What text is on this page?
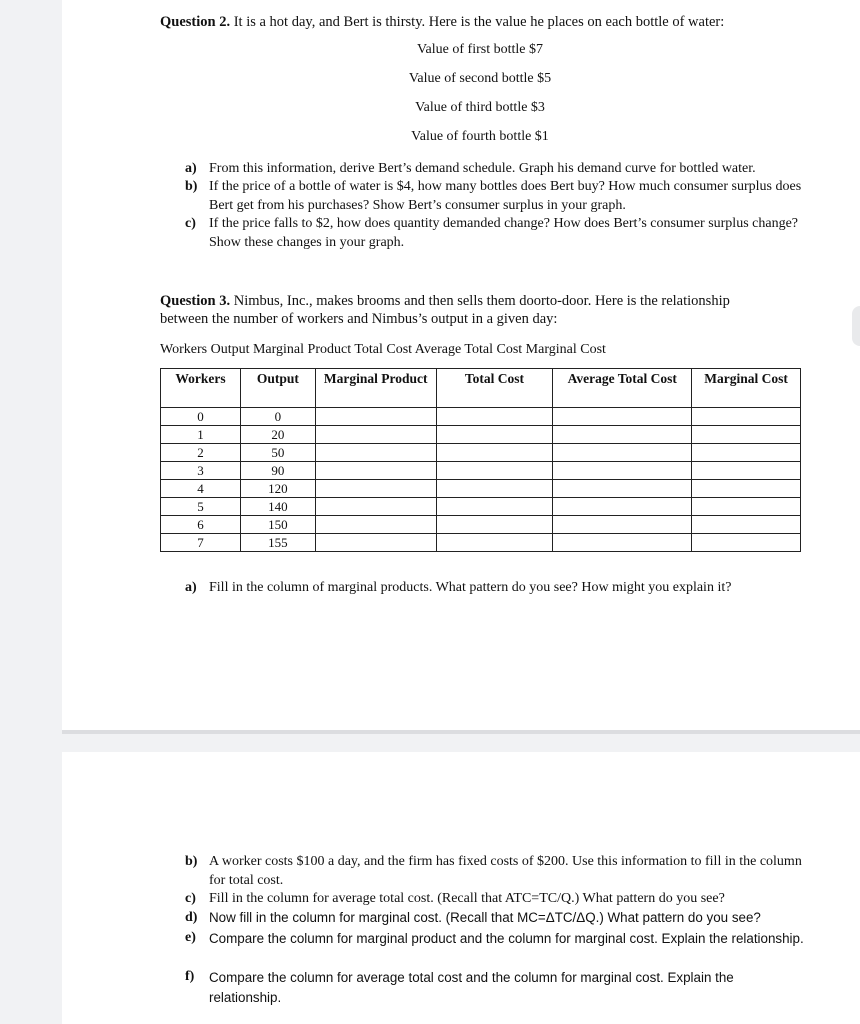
Question 2. It is a hot day, and Bert is thirsty. Here is the value he places on each bottle of water:
Value of first bottle $7
Value of second bottle $5
Value of third bottle $3
Value of fourth bottle $1
a) From this information, derive Bert’s demand schedule. Graph his demand curve for bottled water.
b) If the price of a bottle of water is $4, how many bottles does Bert buy? How much consumer surplus does Bert get from his purchases? Show Bert’s consumer surplus in your graph.
c) If the price falls to $2, how does quantity demanded change? How does Bert’s consumer surplus change? Show these changes in your graph.
Question 3. Nimbus, Inc., makes brooms and then sells them doorto-door. Here is the relationship between the number of workers and Nimbus’s output in a given day:
Workers Output Marginal Product Total Cost Average Total Cost Marginal Cost
Workers	Output	Marginal Product	Total Cost	Average Total Cost	Marginal Cost
0	0				
1	20				
2	50				
3	90				
4	120				
5	140				
6	150				
7	155				
a) Fill in the column of marginal products. What pattern do you see? How might you explain it?
b) A worker costs $100 a day, and the firm has fixed costs of $200. Use this information to fill in the column for total cost.
c) Fill in the column for average total cost. (Recall that ATC=TC/Q.) What pattern do you see?
d) Now fill in the column for marginal cost. (Recall that MC=ΔTC/ΔQ.) What pattern do you see?
e) Compare the column for marginal product and the column for marginal cost. Explain the relationship.
f) Compare the column for average total cost and the column for marginal cost. Explain the relationship.
